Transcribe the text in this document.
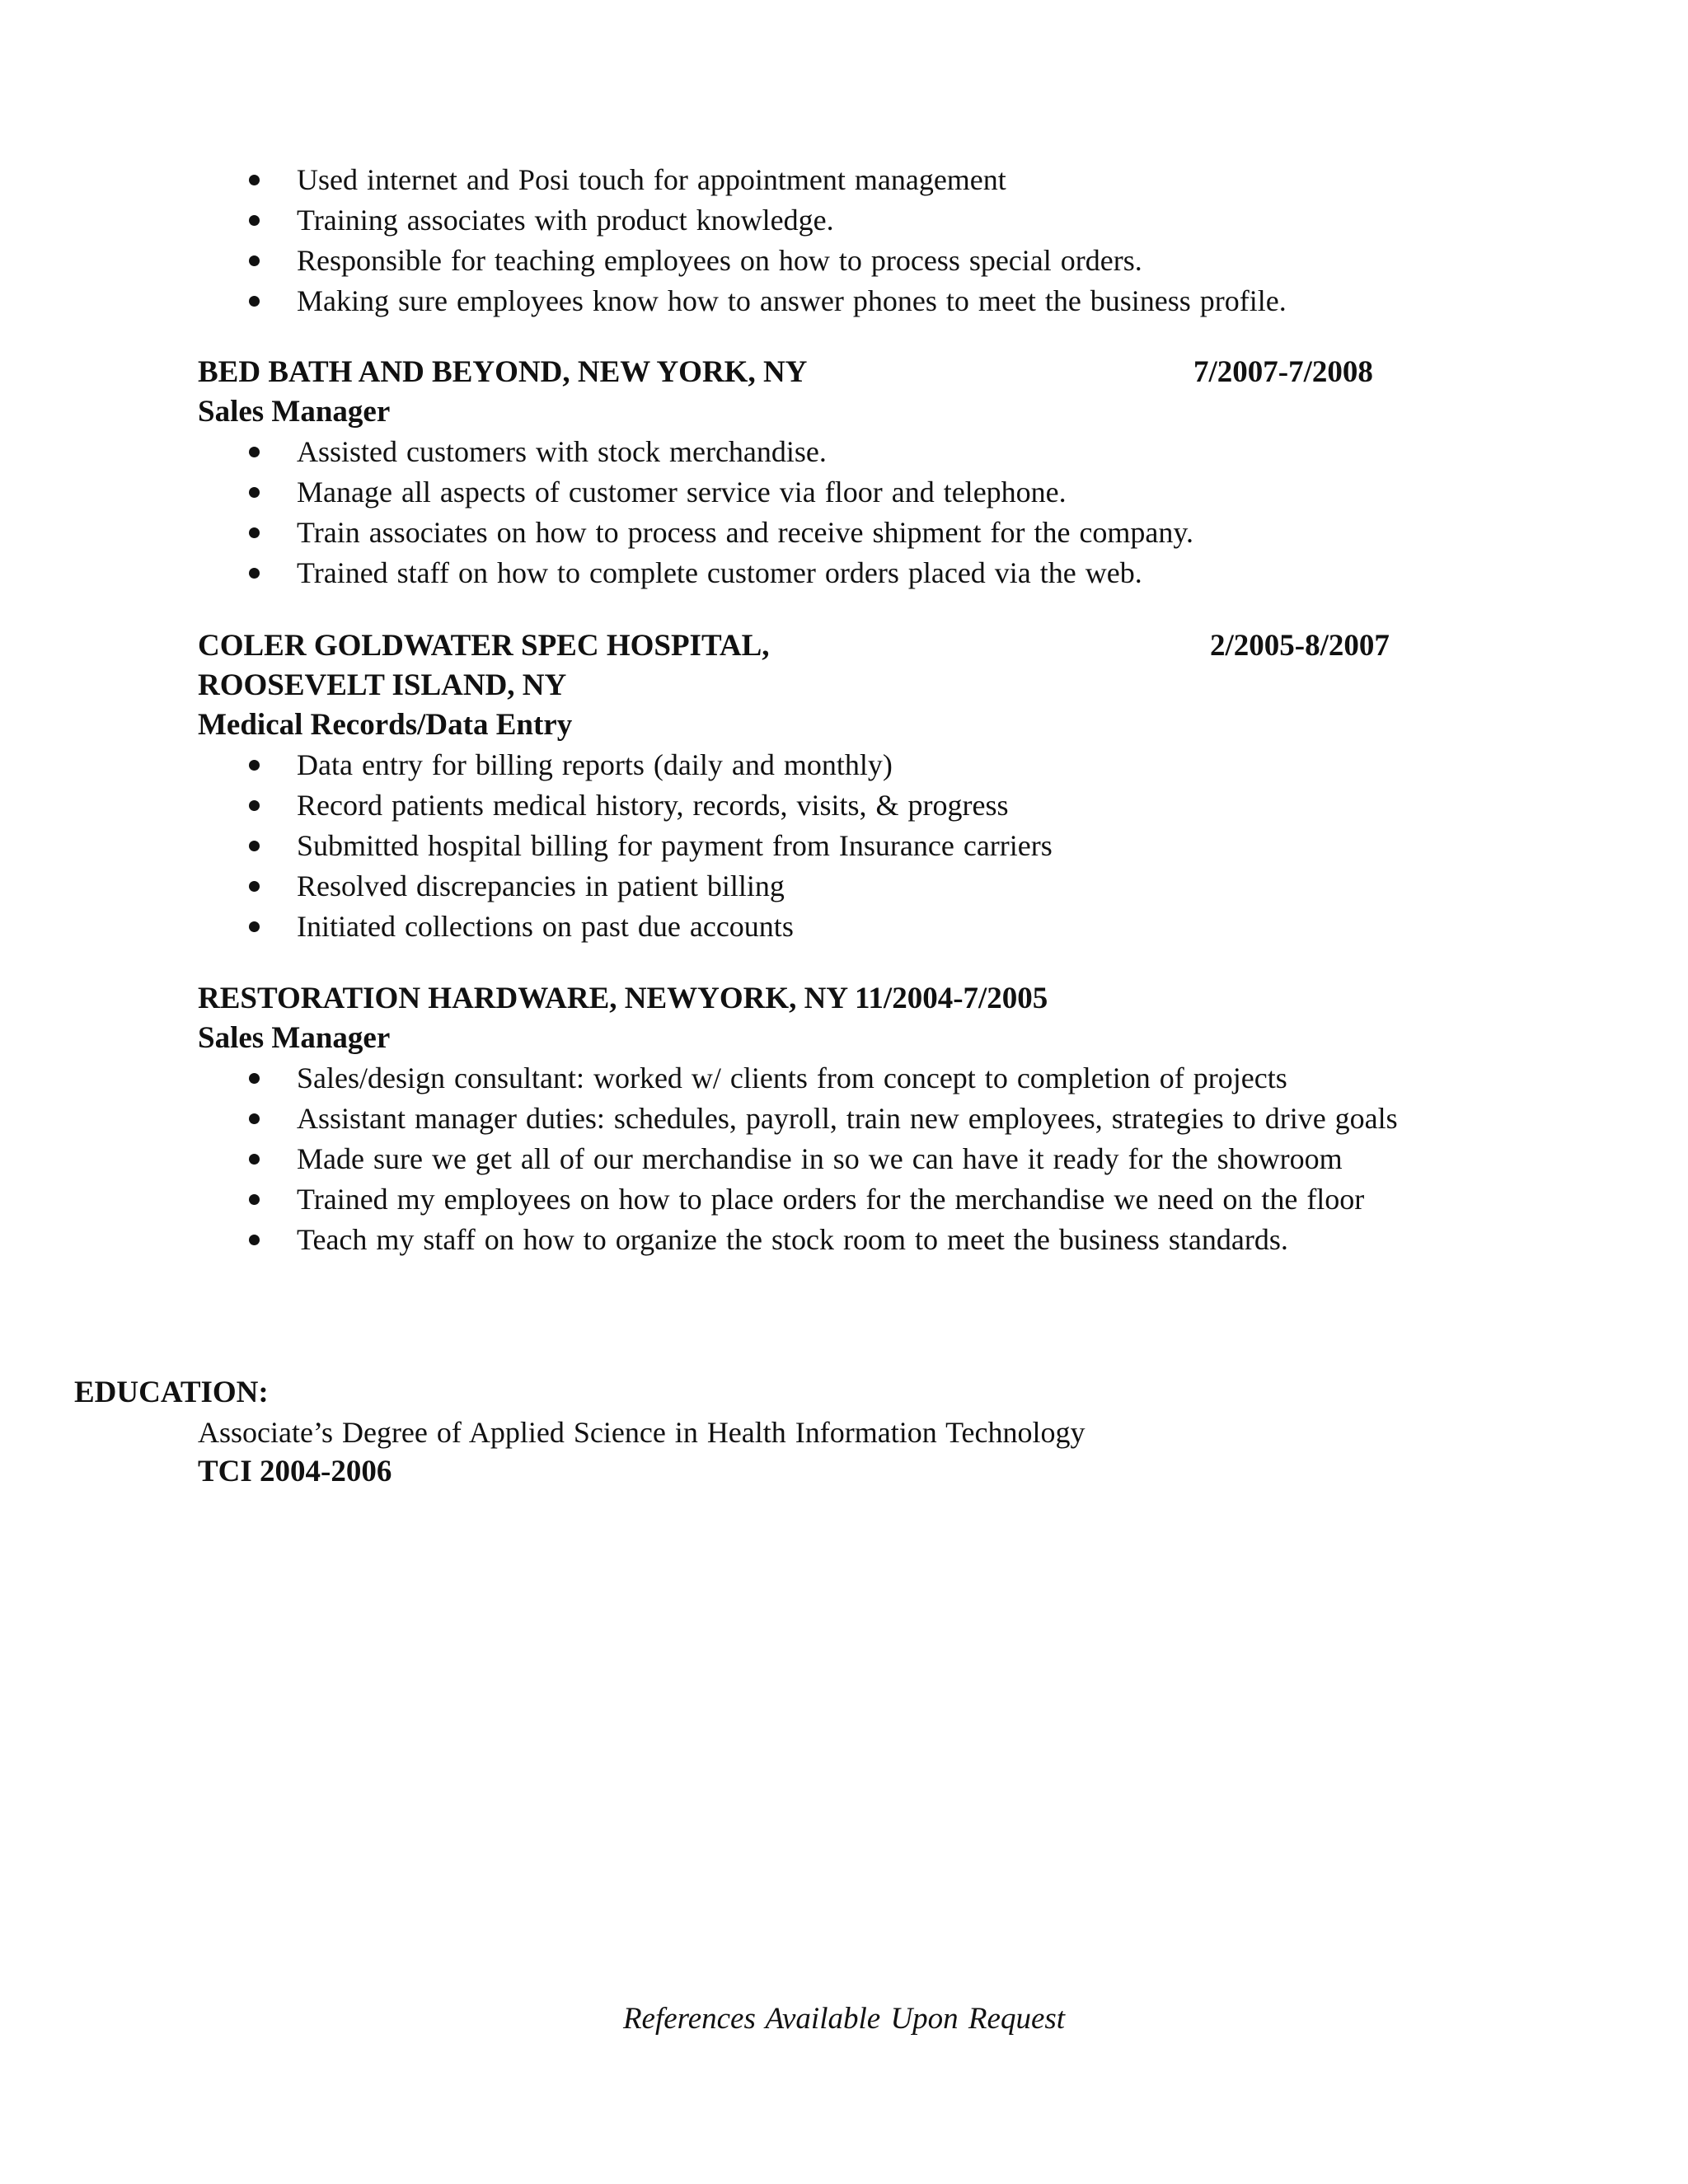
Used internet and Posi touch for appointment management
Training associates with product knowledge.
Responsible for teaching employees on how to process special orders.
Making sure employees know how to answer phones to meet the business profile.
BED BATH AND BEYOND, NEW YORK, NY	7/2007-7/2008
Sales Manager
Assisted customers with stock merchandise.
Manage all aspects of customer service via floor and telephone.
Train associates on how to process and receive shipment for the company.
Trained staff on how to complete customer orders placed via the web.
COLER GOLDWATER SPEC HOSPITAL,	2/2005-8/2007
ROOSEVELT ISLAND, NY
Medical Records/Data Entry
Data entry for billing reports (daily and monthly)
Record patients medical history, records, visits, & progress
Submitted hospital billing for payment from Insurance carriers
Resolved discrepancies in patient billing
Initiated collections on past due accounts
RESTORATION HARDWARE, NEWYORK, NY 11/2004-7/2005
Sales Manager
Sales/design consultant: worked w/ clients from concept to completion of projects
Assistant manager duties: schedules, payroll, train new employees, strategies to drive goals
Made sure we get all of our merchandise in so we can have it ready for the showroom
Trained my employees on how to place orders for the merchandise we need on the floor
Teach my staff on how to organize the stock room to meet the business standards.
EDUCATION:
Associate’s Degree of Applied Science in Health Information Technology
TCI 2004-2006
References Available Upon Request
